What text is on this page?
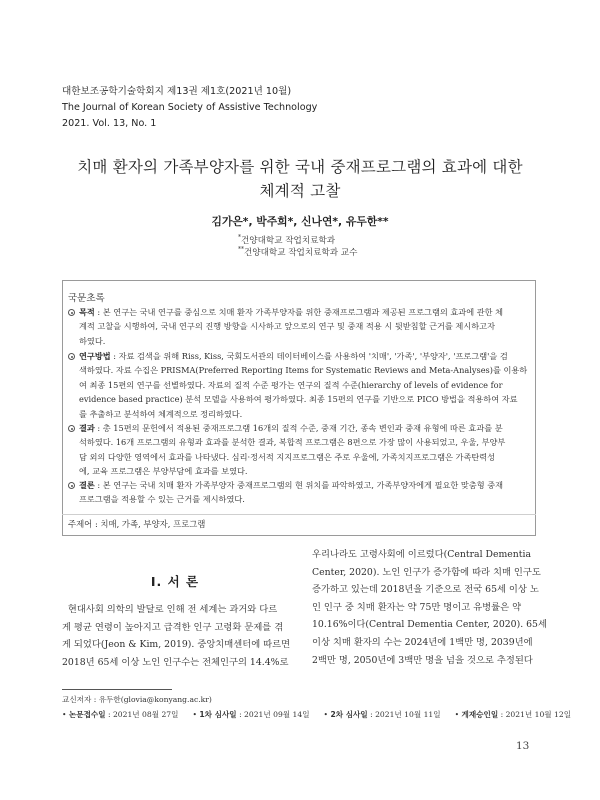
대한보조공학기술학회지 제13권 제1호(2021년 10월)
The Journal of Korean Society of Assistive Technology
2021. Vol. 13, No. 1
치매 환자의 가족부양자를 위한 국내 중재프로그램의 효과에 대한
체계적 고찰
김가은*, 박주희*, 신나연*, 유두한**
*건양대학교 작업치료학과
**건양대학교 작업치료학과 교수
국문초록
목적 : 본 연구는 국내 연구를 중심으로 치매 환자 가족부양자를 위한 중재프로그램과 제공된 프로그램의 효과에 관한 체
계적 고찰을 시행하여, 국내 연구의 진행 방향을 시사하고 앞으로의 연구 및 중재 적용 시 뒷받침할 근거를 제시하고자
하였다.
연구방법 : 자료 검색을 위해 Riss, Kiss, 국회도서관의 데이터베이스를 사용하여 '치매', '가족', '부양자', '프로그램'을 검
색하였다. 자료 수집은 PRISMA(Preferred Reporting Items for Systematic Reviews and Meta-Analyses)를 이용하
여 최종 15편의 연구를 선별하였다. 자료의 질적 수준 평가는 연구의 질적 수준(hierarchy of levels of evidence for
evidence based practice) 분석 모델을 사용하여 평가하였다. 최종 15편의 연구를 기반으로 PICO 방법을 적용하여 자료
를 추출하고 분석하여 체계적으로 정리하였다.
결과 : 총 15편의 문헌에서 적용된 중재프로그램 16개의 질적 수준, 중재 기간, 종속 변인과 중재 유형에 따른 효과를 분
석하였다. 16개 프로그램의 유형과 효과를 분석한 결과, 복합적 프로그램은 8편으로 가장 많이 사용되었고, 우울, 부양부
담 외의 다양한 영역에서 효과를 나타냈다. 심리·정서적 지지프로그램은 주로 우울에, 가족치지프로그램은 가족탄력성
에, 교육 프로그램은 부양부담에 효과를 보였다.
결론 : 본 연구는 국내 치매 환자 가족부양자 중재프로그램의 현 위치를 파악하였고, 가족부양자에게 필요한 맞춤형 중재
프로그램을 적용할 수 있는 근거를 제시하였다.
주제어 : 치매, 가족, 부양자, 프로그램
Ⅰ. 서 론
현대사회 의학의 발달로 인해 전 세계는 과거와 다르
게 평균 연령이 높아지고 급격한 인구 고령화 문제를 겪
게 되었다(Jeon & Kim, 2019). 중앙치매센터에 따르면
2018년 65세 이상 노인 인구수는 전체인구의 14.4%로
우리나라도 고령사회에 이르렀다(Central Dementia
Center, 2020). 노인 인구가 증가함에 따라 치매 인구도
증가하고 있는데 2018년을 기준으로 전국 65세 이상 노
인 인구 중 치매 환자는 약 75만 명이고 유병률은 약
10.16%이다(Central Dementia Center, 2020). 65세
이상 치매 환자의 수는 2024년에 1백만 명, 2039년에
2백만 명, 2050년에 3백만 명을 넘을 것으로 추정된다
교신저자 : 유두한(glovia@konyang.ac.kr)
• 논문접수일 : 2021년 08월 27일 • 1차 심사일 : 2021년 09월 14일 • 2차 심사일 : 2021년 10월 11일 • 게재승인일 : 2021년 10월 12일
13
